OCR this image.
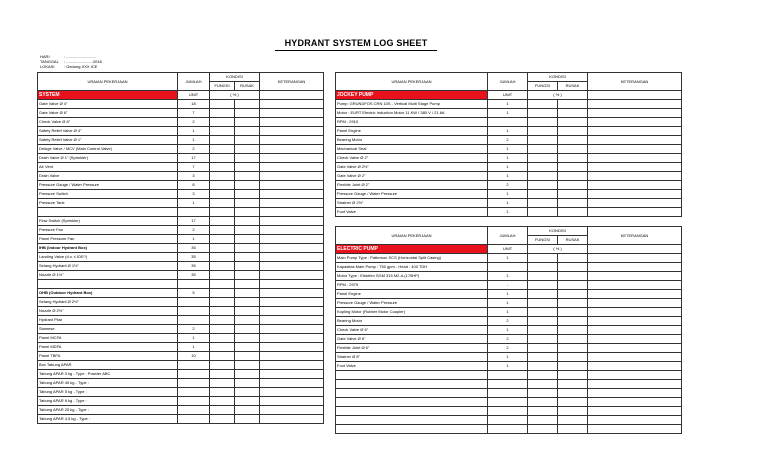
HYDRANT SYSTEM LOG SHEET
HARI	: ...........................
TANGGAL : ........................2016
LOKASI : Gedung XXX ICE
URAIAN PEKERJAAN	JUMLAH	KONDISI		KETERANGAN
		FUNGSI	RUSAK	
SYSTEM	UNIT	( % )		
Gate Valve Ø 4"	18			
Gate Valve Ø 6"	7			
Check Valve Ø 6"	2			
Safety Relief Valve Ø 4"	1			
Safety Relief Valve Ø 1"	1			
Deluge Valve / MCV (Main Control Valve)	2			
Drain Valve Ø 1" (Sprinkler)	17			
Air Vent	7			
Drain Valve	3			
Pressure Gauge / Water Pressure	8			
Pressure Switch	3			
Pressure Tank	1			

Flow Switch (Sprinkler)	17			
Pressure Fan	2			
Panel Pressure Fan	1			
IHB (Indoor Hydrant Box)	35			
Landing Valve (d.v. ≤ IDE?)	35			
Selang Hydrant Ø 1½"	35			
Nozzle Ø 1½"	35			

OHB (Outdoor Hydrant Box)	5			
Selang Hydrant Ø 2½"				
Nozzle Ø 2½"				
Hydrant Pilar				
Siamese	2			
Panel MCFA	1			
Panel MDFA	1			
Panel TBFA	10			
Box Tabung APAR				
Tabung APAR 3 kg - Type : Powder ABC				
Tabung APAR 45 kg - Type :				
Tabung APAR 5 kg - Type :				
Tabung APAR 6 kg - Type :				
Tabung APAR 25 kg - Type :				
Tabung APAR 4,5 kg - Type :				
URAIAN PEKERJAAN	JUMLAH	KONDISI		KETERANGAN
		FUNGSI	RUSAK	
JOCKEY PUMP	UNIT	( % )		
Pump: GRUNDFOS CRN 10S - Vertical Multi Stage Pump	1			
Motor : EURT Electric Induction Motor 11 KW / 380 V / 21.6A	1			
RPM : 2910				
Panel Engine	1			
Bearing Motor	2			
Mechanical Seal	1			
Check Valve Ø 2"	1			
Gate Valve Ø 2½"	1			
Gate Valve Ø 2"	1			
Flexible Joint Ø 2"	2			
Pressure Gauge / Water Pressure	1			
Strainer Ø 2½"	1			
Foot Valve	1			
URAIAN PEKERJAAN	JUMLAH	KONDISI		KETERANGAN
		FUNGSI	RUSAK	
ELECTRIC PUMP	UNIT	( % )		
Main Pump Type : Patterson SCS (Horizontal Split Casing)	1			
Kapasitas Main Pump : 750 gpm - Head : 400 TDH				
Motor Type : Elektrim SGM 315 M2-A (175HP)	1			
RPM : 2975	-			
Panel Engine	1			
Pressure Gauge / Water Pressure	1			
Kopling Motor (Rubber Motor Coupler)	1			
Bearing Motor	2			
Check Valve Ø 6"	1			
Gate Valve Ø 6"	2			
Flexible Joint Ø 6"	2			
Strainer Ø 8"	1			
Foot Valve	1			
